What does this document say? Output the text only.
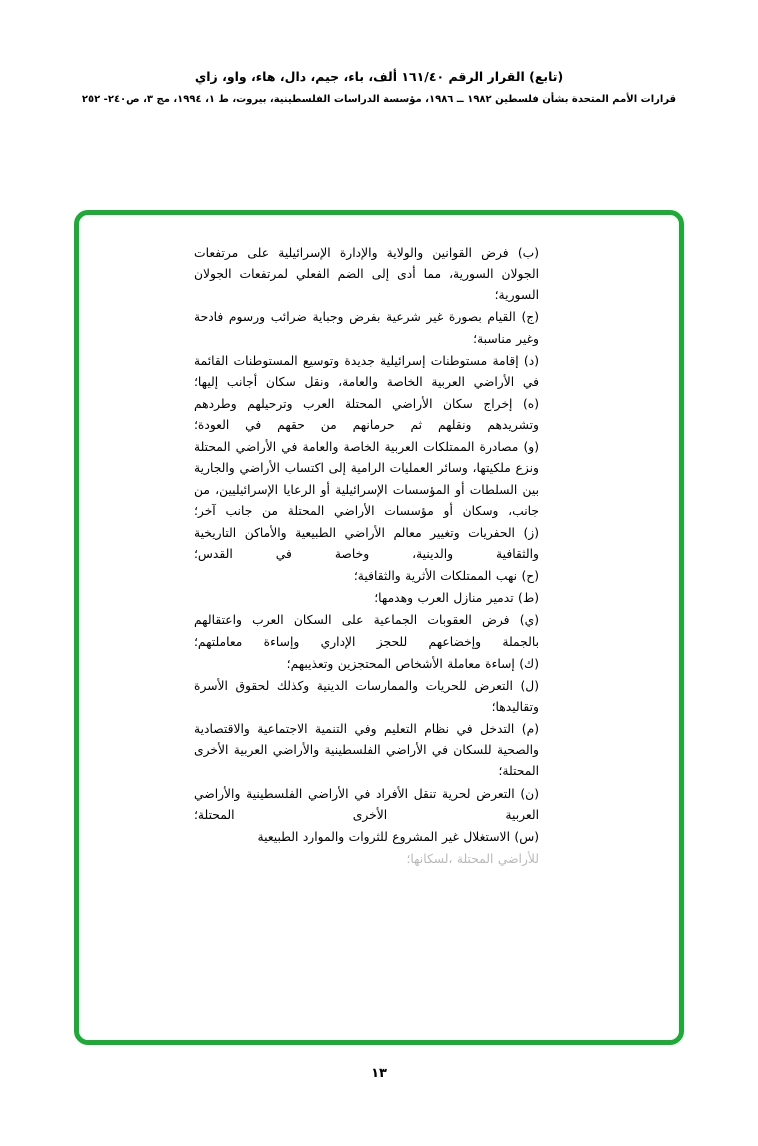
(تابع) القرار الرقم ١٦١/٤٠ ألف، باء، جيم، دال، هاء، واو، زاي
قرارات الأمم المتحدة بشأن فلسطين ١٩٨٢ ــ ١٩٨٦، مؤسسة الدراسات الفلسطينية، بيروت، ط ١، ١٩٩٤، مج ٣، ص٢٤٠- ٢٥٢

(ب) فرض القوانين والولاية والإدارة الإسرائيلية على مرتفعات الجولان السورية، مما أدى إلى الضم الفعلي لمرتفعات الجولان السورية؛

(ج) القيام بصورة غير شرعية بفرض وجباية ضرائب ورسوم فادحة وغير مناسبة؛

(د) إقامة مستوطنات إسرائيلية جديدة وتوسيع المستوطنات القائمة في الأراضي العربية الخاصة والعامة، ونقل سكان أجانب إليها؛

(ه) إخراج سكان الأراضي المحتلة العرب وترحيلهم وطردهم وتشريدهم ونقلهم ثم حرمانهم من حقهم في العودة؛

(و) مصادرة الممتلكات العربية الخاصة والعامة في الأراضي المحتلة ونزع ملكيتها، وسائر العمليات الرامية إلى اكتساب الأراضي والجارية بين السلطات أو المؤسسات الإسرائيلية أو الرعايا الإسرائيليين، من جانب، وسكان أو مؤسسات الأراضي المحتلة من جانب آخر؛

(ز) الحفريات وتغيير معالم الأراضي الطبيعية والأماكن التاريخية والثقافية والدينية، وخاصة في القدس؛

(ح) نهب الممتلكات الأثرية والثقافية؛

(ط) تدمير منازل العرب وهدمها؛

(ي) فرض العقوبات الجماعية على السكان العرب واعتقالهم بالجملة وإخضاعهم للحجز الإداري وإساءة معاملتهم؛

(ك) إساءة معاملة الأشخاص المحتجزين وتعذيبهم؛

(ل) التعرض للحريات والممارسات الدينية وكذلك لحقوق الأسرة وتقاليدها؛

(م) التدخل في نظام التعليم وفي التنمية الاجتماعية والاقتصادية والصحية للسكان في الأراضي الفلسطينية والأراضي العربية الأخرى المحتلة؛

(ن) التعرض لحرية تنقل الأفراد في الأراضي الفلسطينية والأراضي العربية الأخرى المحتلة؛

(س) الاستغلال غير المشروع للثروات والموارد الطبيعية

للأراضي المحتلة ،لسكانها؛

١٣
